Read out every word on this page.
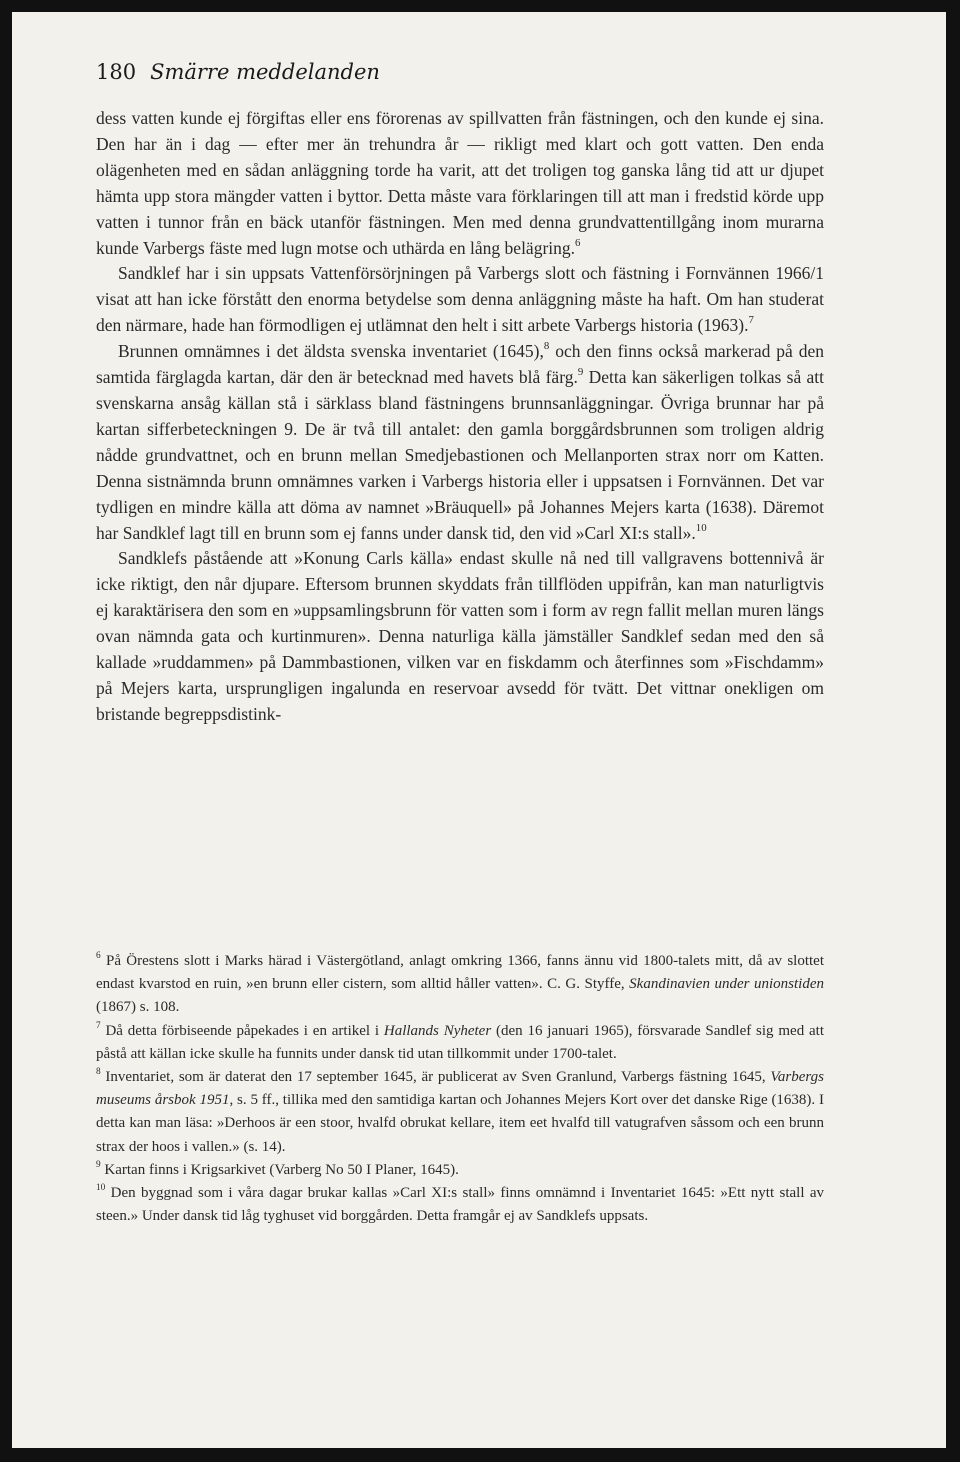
180 Smärre meddelanden

dess vatten kunde ej förgiftas eller ens förorenas av spillvatten från fästningen, och den kunde ej sina. Den har än i dag — efter mer än trehundra år — rikligt med klart och gott vatten. Den enda olägenheten med en sådan anläggning torde ha varit, att det troligen tog ganska lång tid att ur djupet hämta upp stora mängder vatten i byttor. Detta måste vara förklaringen till att man i fredstid körde upp vatten i tunnor från en bäck utanför fästningen. Men med denna grundvattentillgång inom murarna kunde Varbergs fäste med lugn motse och uthärda en lång belägring.$^6$

Sandklef har i sin uppsats Vattenförsörjningen på Varbergs slott och fästning i Fornvännen 1966/1 visat att han icke förstått den enorma betydelse som denna anläggning måste ha haft. Om han studerat den närmare, hade han förmodligen ej utlämnat den helt i sitt arbete Varbergs historia (1963).$^7$

Brunnen omnämnes i det äldsta svenska inventariet (1645),$^8$ och den finns också markerad på den samtida färglagda kartan, där den är betecknad med havets blå färg.$^9$ Detta kan säkerligen tolkas så att svenskarna ansåg källan stå i särklass bland fästningens brunnsanläggningar. Övriga brunnar har på kartan sifferbeteckningen 9. De är två till antalet: den gamla borggårdsbrunnen som troligen aldrig nådde grundvattnet, och en brunn mellan Smedjebastionen och Mellanporten strax norr om Katten. Denna sistnämnda brunn omnämnes varken i Varbergs historia eller i uppsatsen i Fornvännen. Det var tydligen en mindre källa att döma av namnet »Bräuquell» på Johannes Mejers karta (1638). Däremot har Sandklef lagt till en brunn som ej fanns under dansk tid, den vid »Carl XI:s stall».$^{10}$

Sandklefs påstående att »Konung Carls källa» endast skulle nå ned till vallgravens bottennivå är icke riktigt, den når djupare. Eftersom brunnen skyddats från tillflöden uppifrån, kan man naturligtvis ej karaktärisera den som en »uppsamlingsbrunn för vatten som i form av regn fallit mellan muren längs ovan nämnda gata och kurtinmuren». Denna naturliga källa jämställer Sandklef sedan med den så kallade »ruddammen» på Dammbastionen, vilken var en fiskdamm och återfinnes som »Fischdamm» på Mejers karta, ursprungligen ingalunda en reservoar avsedd för tvätt. Det vittnar onekligen om bristande begreppsdistink-

$^6$ På Örestens slott i Marks härad i Västergötland, anlagt omkring 1366, fanns ännu vid 1800-talets mitt, då av slottet endast kvarstod en ruin, »en brunn eller cistern, som alltid håller vatten». C. G. Styffe, Skandinavien under unionstiden (1867) s. 108.

$^7$ Då detta förbiseende påpekades i en artikel i Hallands Nyheter (den 16 januari 1965), försvarade Sandlef sig med att påstå att källan icke skulle ha funnits under dansk tid utan tillkommit under 1700-talet.

$^8$ Inventariet, som är daterat den 17 september 1645, är publicerat av Sven Granlund, Varbergs fästning 1645, Varbergs museums årsbok 1951, s. 5 ff., tillika med den samtidiga kartan och Johannes Mejers Kort over det danske Rige (1638). I detta kan man läsa: »Derhoos är een stoor, hvalfd obrukat kellare, item eet hvalfd till vatugrafven såssom och een brunn strax der hoos i vallen.» (s. 14).

$^9$ Kartan finns i Krigsarkivet (Varberg No 50 I Planer, 1645).

$^{10}$ Den byggnad som i våra dagar brukar kallas »Carl XI:s stall» finns omnämnd i Inventariet 1645: »Ett nytt stall av steen.» Under dansk tid låg tyghuset vid borggården. Detta framgår ej av Sandklefs uppsats.
